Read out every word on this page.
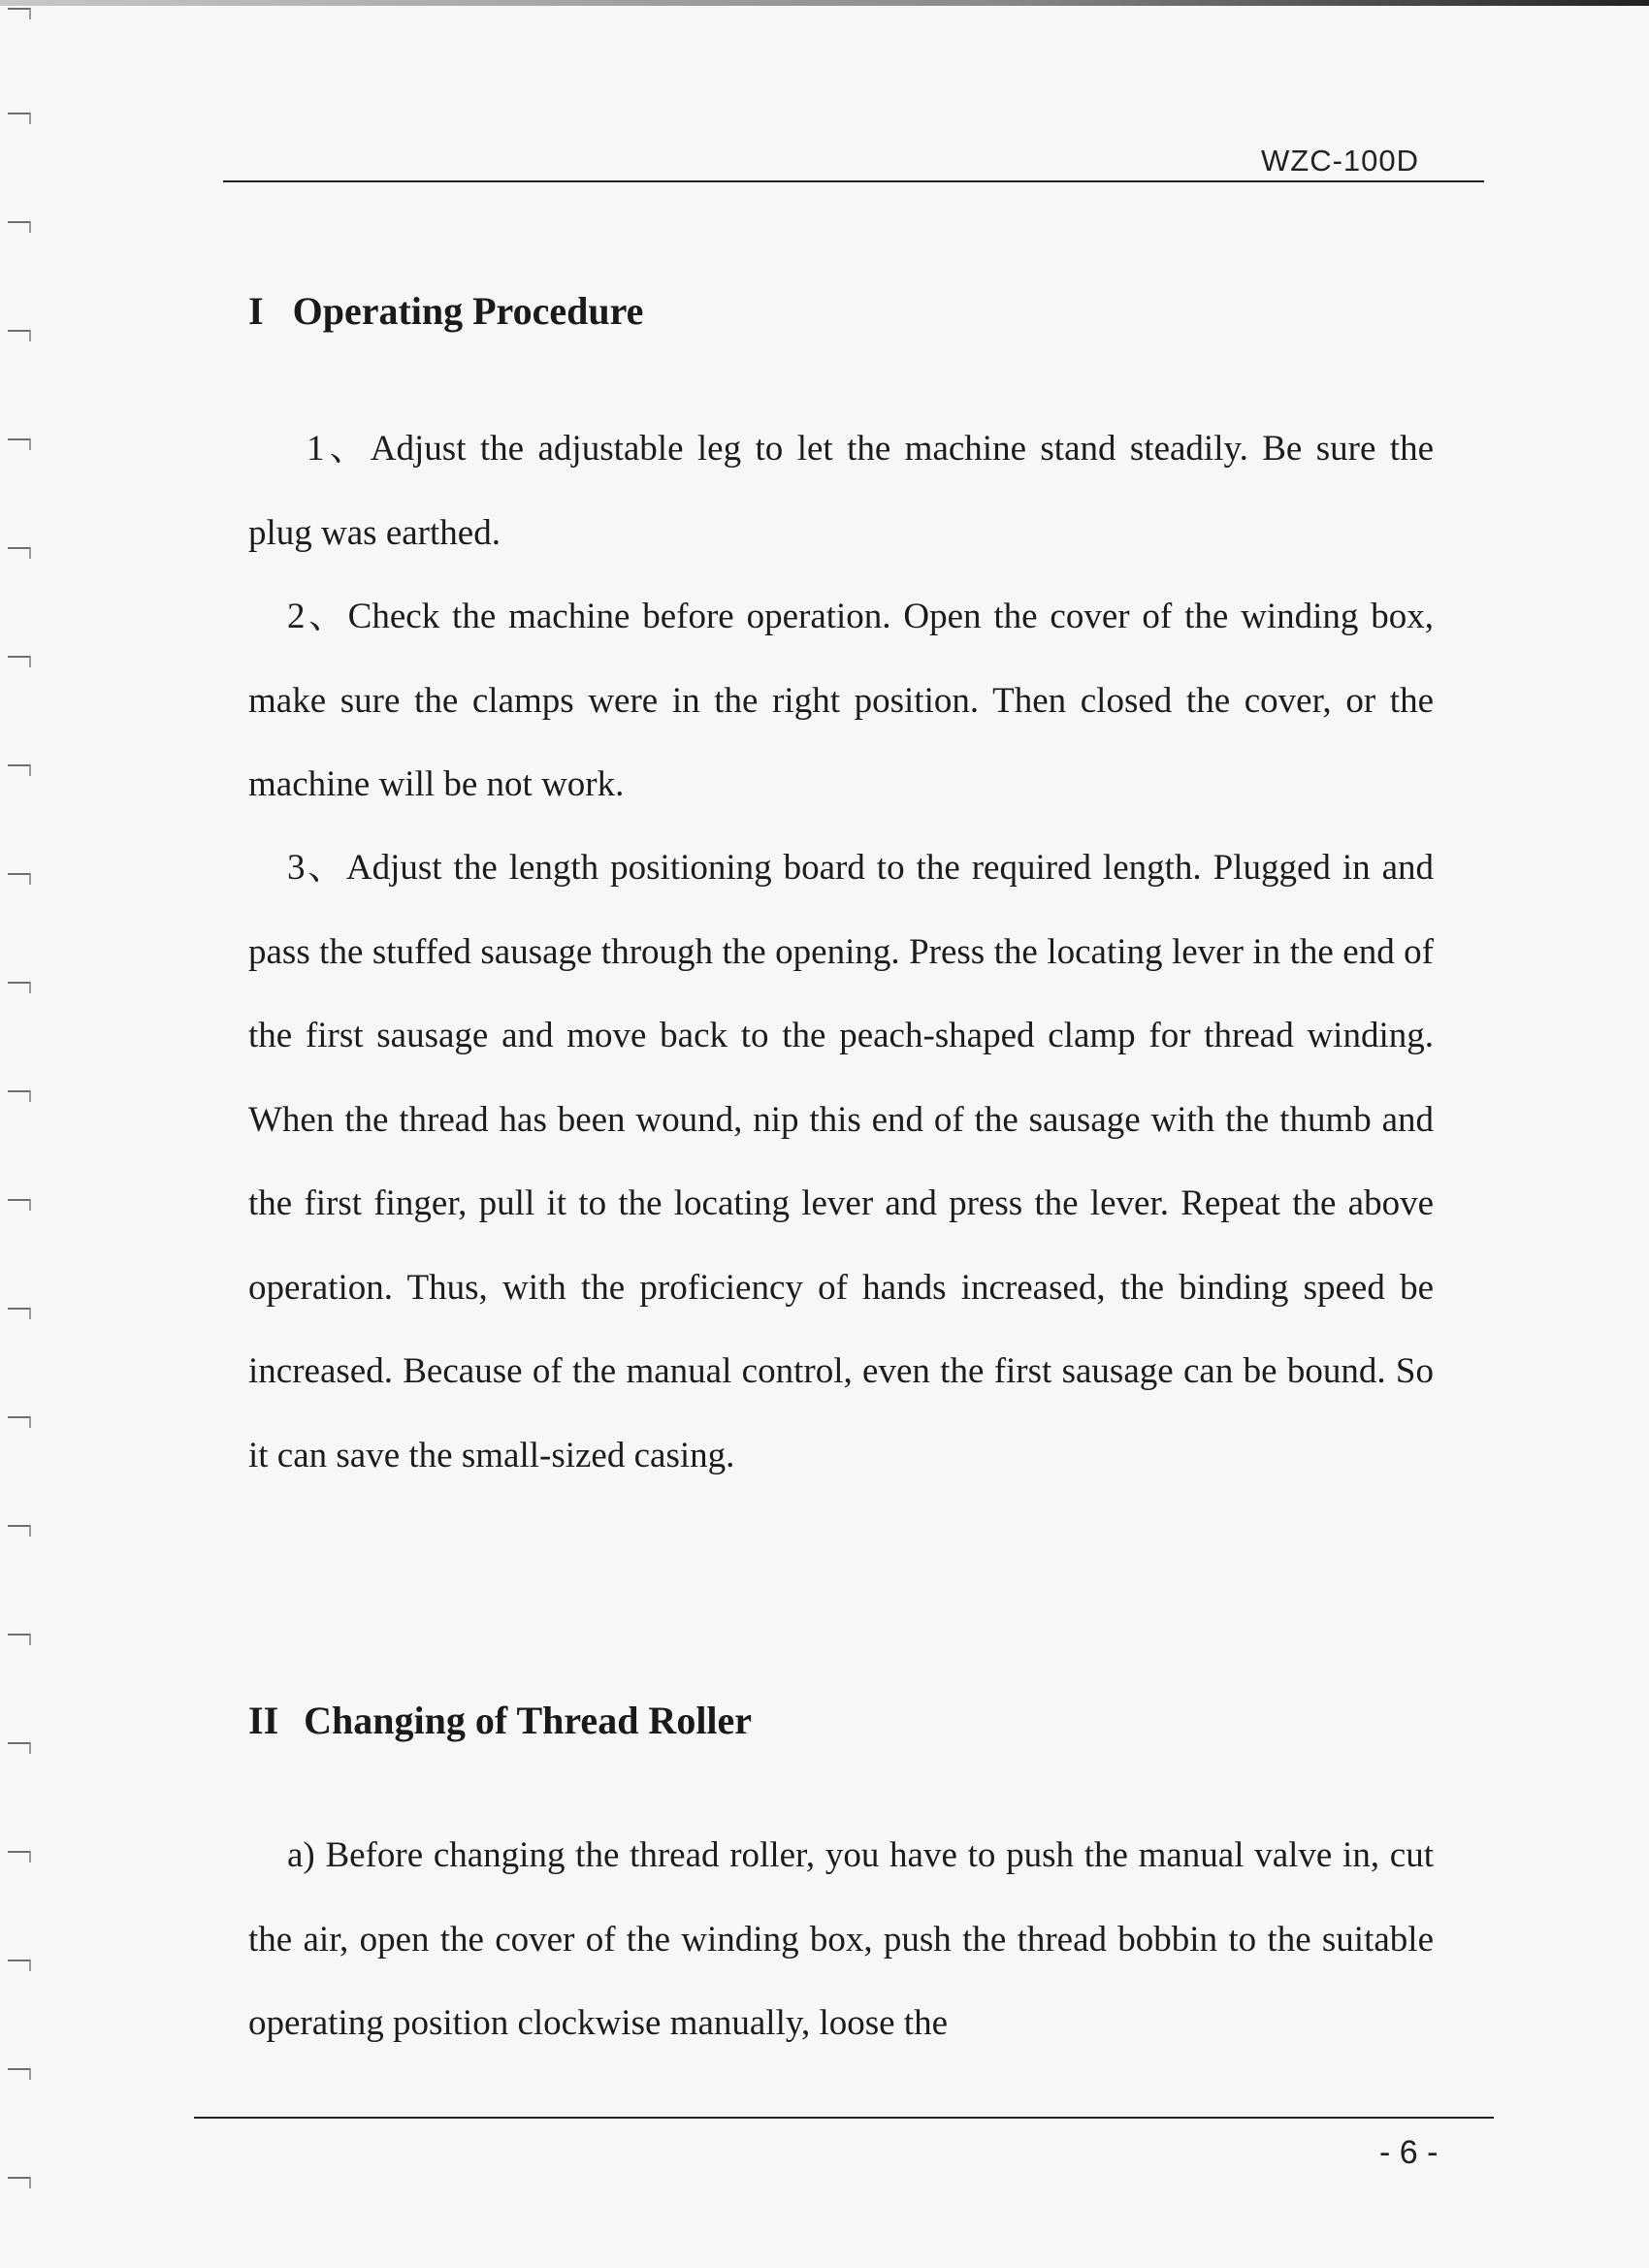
WZC-100D
I Operating Procedure

1、Adjust the adjustable leg to let the machine stand steadily. Be sure the plug was earthed.

2、Check the machine before operation. Open the cover of the winding box, make sure the clamps were in the right position. Then closed the cover, or the machine will be not work.

3、Adjust the length positioning board to the required length. Plugged in and pass the stuffed sausage through the opening. Press the locating lever in the end of the first sausage and move back to the peach-shaped clamp for thread winding. When the thread has been wound, nip this end of the sausage with the thumb and the first finger, pull it to the locating lever and press the lever. Repeat the above operation. Thus, with the proficiency of hands increased, the binding speed be increased. Because of the manual control, even the first sausage can be bound. So it can save the small-sized casing.

II Changing of Thread Roller

a) Before changing the thread roller, you have to push the manual valve in, cut the air, open the cover of the winding box, push the thread bobbin to the suitable operating position clockwise manually, loose the

- 6 -
